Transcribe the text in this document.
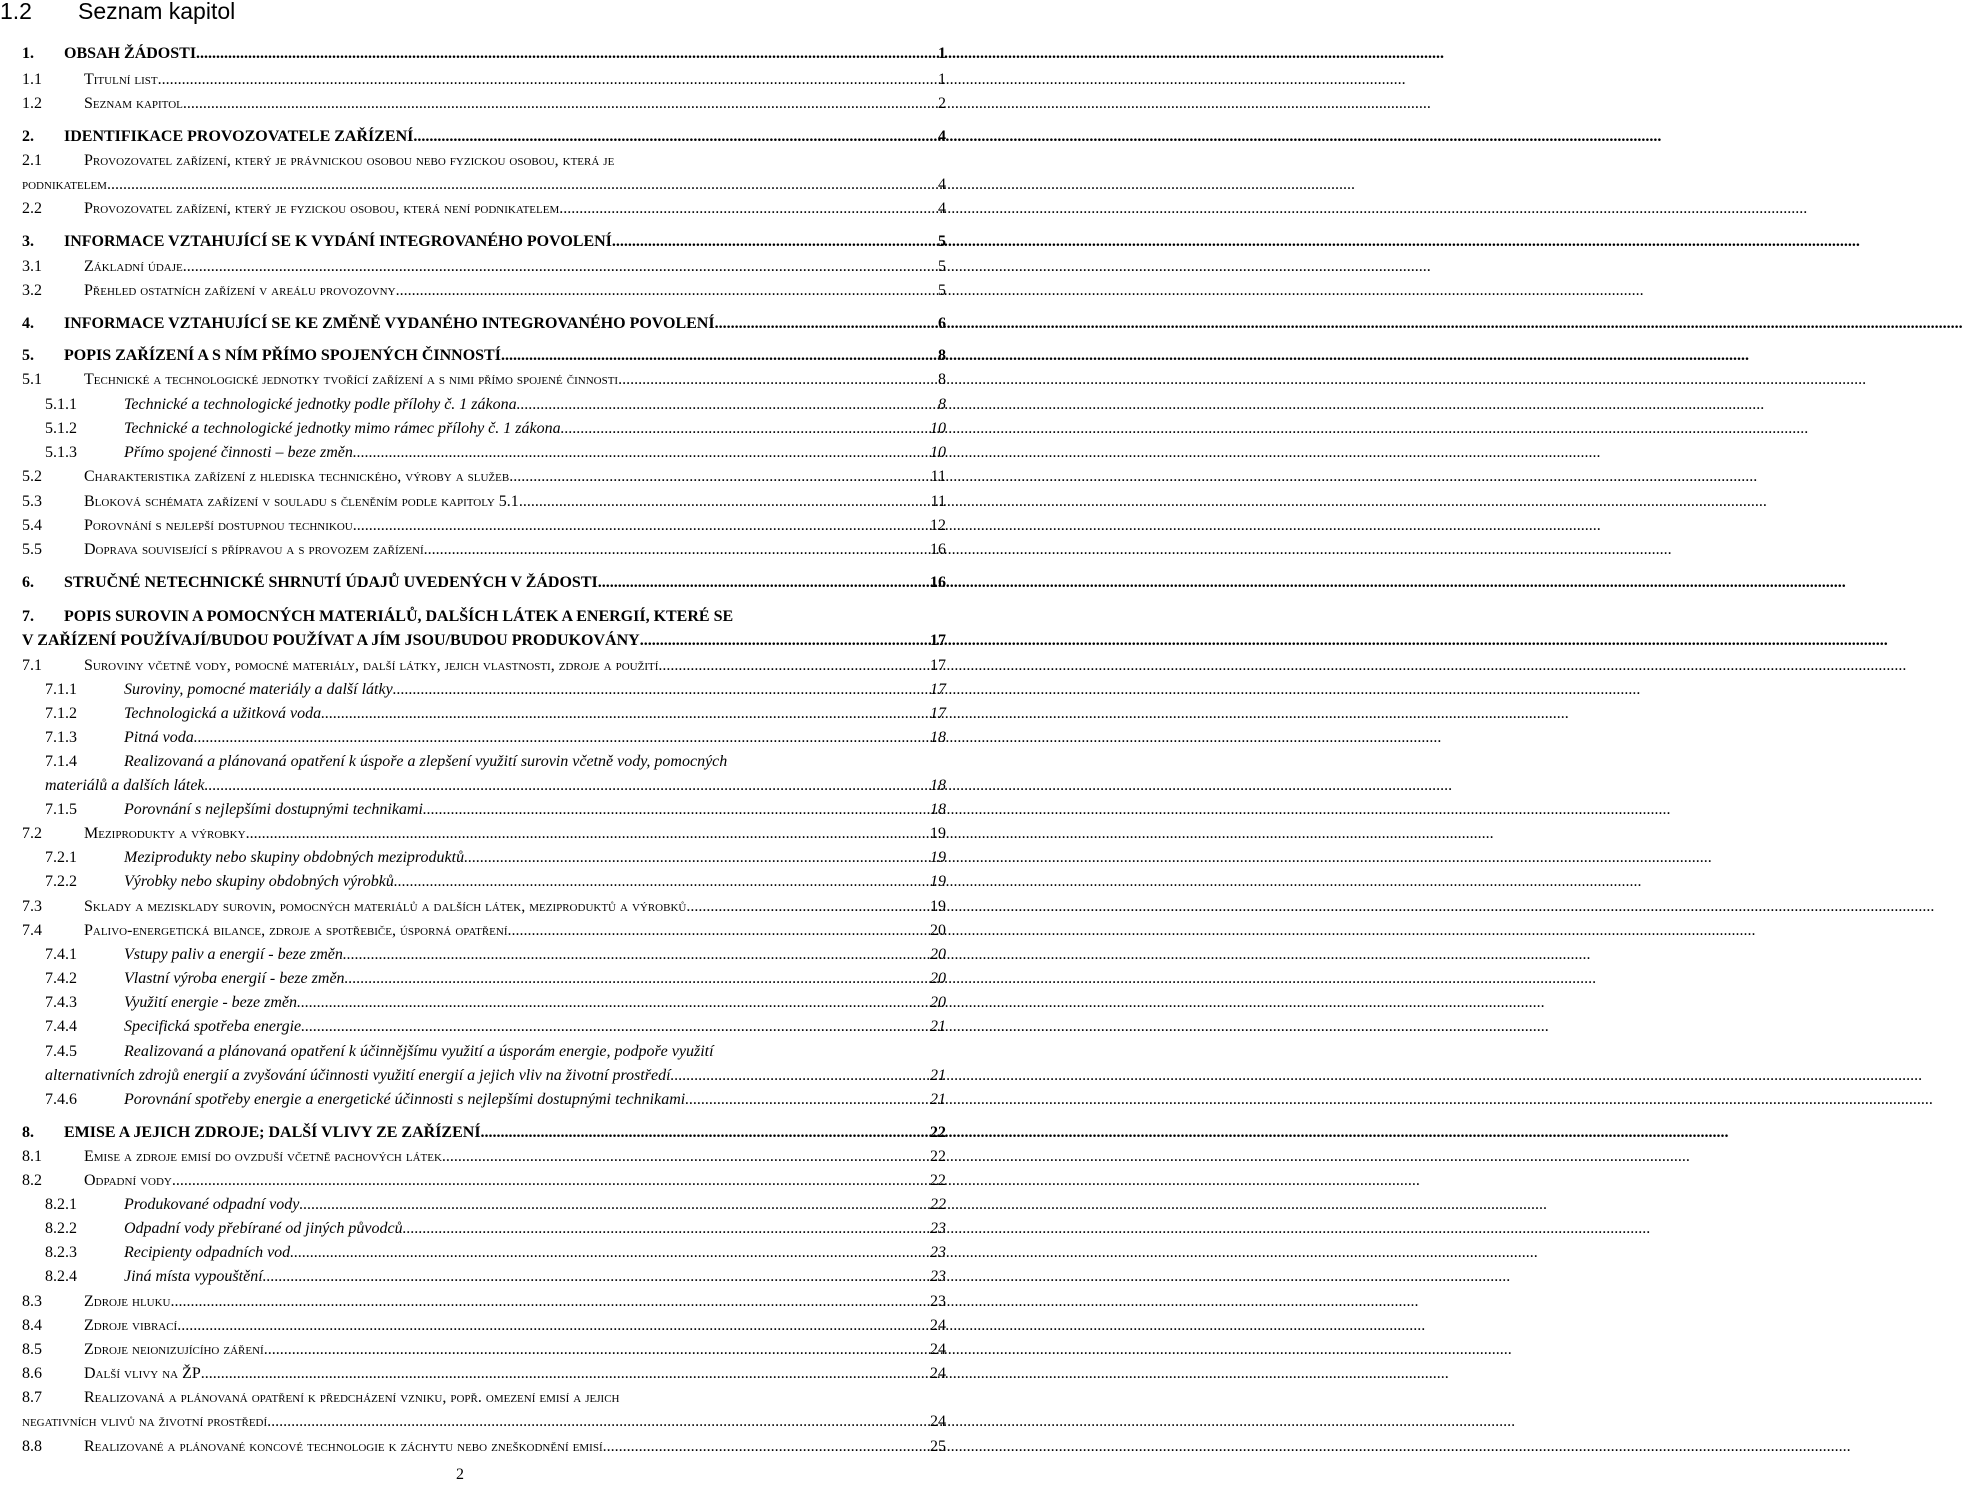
1.2 Seznam kapitol
1.	OBSAH ŽÁDOSTI .....	1
1.1	Titulní list .....	1
1.2	Seznam kapitol .....	2
2.	IDENTIFIKACE PROVOZOVATELE ZAŘÍZENÍ .....	4
2.1	Provozovatel zařízení, který je právnickou osobou nebo fyzickou osobou, která je
podnikatelem .....	4
2.2	Provozovatel zařízení, který je fyzickou osobou, která není podnikatelem .....	4
3.	INFORMACE VZTAHUJÍCÍ SE K VYDÁNÍ INTEGROVANÉHO POVOLENÍ .....	5
3.1	Základní údaje .....	5
3.2	Přehled ostatních zařízení v areálu provozovny .....	5
4.	INFORMACE VZTAHUJÍCÍ SE KE ZMĚNĚ VYDANÉHO INTEGROVANÉHO POVOLENÍ .....	6
5.	POPIS ZAŘÍZENÍ A S NÍM PŘÍMO SPOJENÝCH ČINNOSTÍ .....	8
5.1	Technické a technologické jednotky tvořící zařízení a s nimi přímo spojené činnosti .....	8
5.1.1	Technické a technologické jednotky podle přílohy č. 1 zákona .....	8
5.1.2	Technické a technologické jednotky mimo rámec přílohy č. 1 zákona .....	10
5.1.3	Přímo spojené činnosti – beze změn .....	10
5.2	Charakteristika zařízení z hlediska technického, výroby a služeb .....	11
5.3	Bloková schémata zařízení v souladu s členěním podle kapitoly 5.1 .....	11
5.4	Porovnání s nejlepší dostupnou technikou .....	12
5.5	Doprava související s přípravou a s provozem zařízení .....	16
6.	STRUČNÉ NETECHNICKÉ SHRNUTÍ ÚDAJŮ UVEDENÝCH V ŽÁDOSTI .....	16
7.	POPIS SUROVIN A POMOCNÝCH MATERIÁLŮ, DALŠÍCH LÁTEK A ENERGIÍ, KTERÉ SE
V ZAŘÍZENÍ POUŽÍVAJÍ/BUDOU POUŽÍVAT A JÍM JSOU/BUDOU PRODUKOVÁNY .....	17
7.1	Suroviny včetně vody, pomocné materiály, další látky, jejich vlastnosti, zdroje a použití .....	17
7.1.1	Suroviny, pomocné materiály a další látky .....	17
7.1.2	Technologická a užitková voda .....	17
7.1.3	Pitná voda .....	18
7.1.4	Realizovaná a plánovaná opatření k úspoře a zlepšení využití surovin včetně vody, pomocných
materiálů a dalších látek .....	18
7.1.5	Porovnání s nejlepšími dostupnými technikami .....	18
7.2	Meziprodukty a výrobky .....	19
7.2.1	Meziprodukty nebo skupiny obdobných meziproduktů .....	19
7.2.2	Výrobky nebo skupiny obdobných výrobků .....	19
7.3	Sklady a mezisklady surovin, pomocných materiálů a dalších látek, meziproduktů a výrobků .....	19
7.4	Palivo-energetická bilance, zdroje a spotřebiče, úsporná opatření .....	20
7.4.1	Vstupy paliv a energií - beze změn .....	20
7.4.2	Vlastní výroba energií - beze změn. .....	20
7.4.3	Využití energie - beze změn .....	20
7.4.4	Specifická spotřeba energie .....	21
7.4.5	Realizovaná a plánovaná opatření k účinnějšímu využití a úsporám energie, podpoře využití
alternativních zdrojů energií a zvyšování účinnosti využití energií a jejich vliv na životní prostředí. .....	21
7.4.6	Porovnání spotřeby energie a energetické účinnosti s nejlepšími dostupnými technikami .....	21
8.	EMISE A JEJICH ZDROJE; DALŠÍ VLIVY ZE ZAŘÍZENÍ .....	22
8.1	Emise a zdroje emisí do ovzduší včetně pachových látek .....	22
8.2	Odpadní vody .....	22
8.2.1	Produkované odpadní vody .....	22
8.2.2	Odpadní vody přebírané od jiných původců .....	23
8.2.3	Recipienty odpadních vod .....	23
8.2.4	Jiná místa vypouštění .....	23
8.3	Zdroje hluku .....	23
8.4	Zdroje vibrací .....	24
8.5	Zdroje neionizujícího záření .....	24
8.6	Další vlivy na ŽP .....	24
8.7	Realizovaná a plánovaná opatření k předcházení vzniku, popř. omezení emisí a jejich
negativních vlivů na životní prostředí .....	24
8.8	Realizované a plánované koncové technologie k záchytu nebo zneškodnění emisí .....	25
2
